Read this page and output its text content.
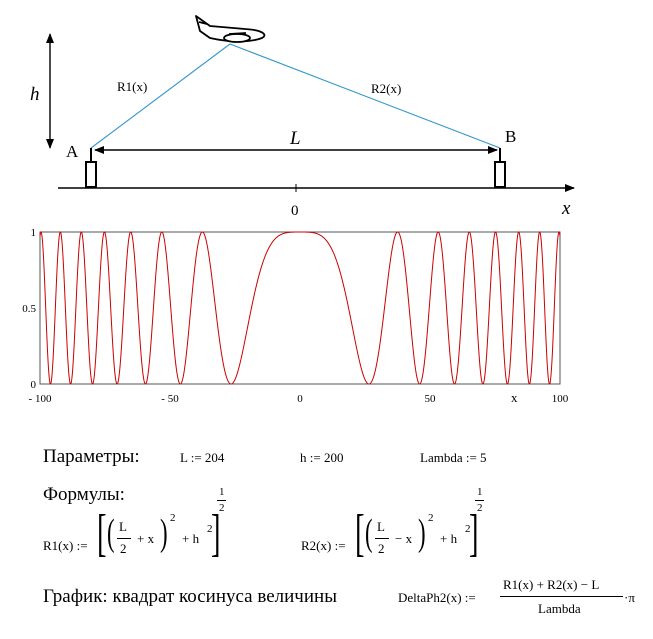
h	R1(x)	R2(x)
A
B
L
0	x
0
0.5
1
- 100	- 50	0	50	100
x
Параметры:	L := 204	h := 200	Lambda := 5
Формулы:
R1(x) := [ ( L
2
+ x ) 2
+ h
2
]
1
2
R2(x) := [ ( L
2
− x ) 2
+ h
2
]
1
2
График: квадрат косинуса величины	DeltaPh2(x) :=
R1(x) + R2(x) − L
Lambda
·π
